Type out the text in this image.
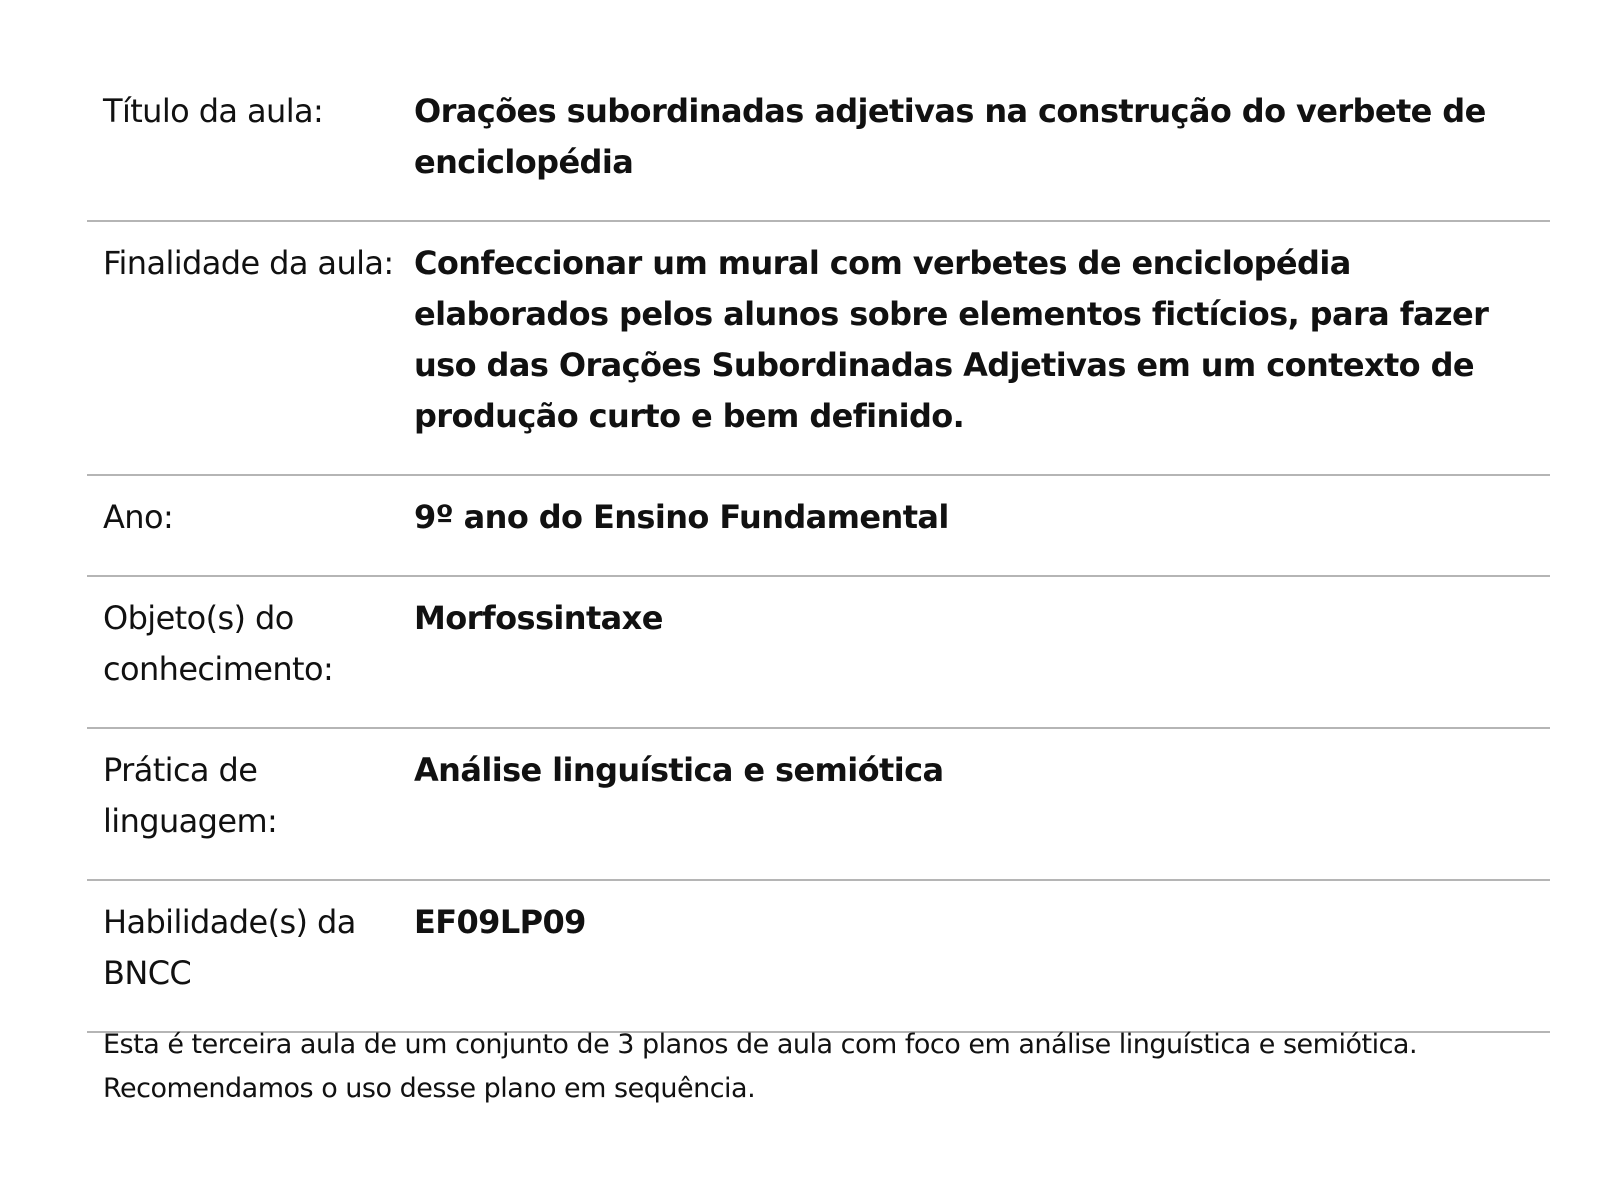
Título da aula:	Orações subordinadas adjetivas na construção do verbete de enciclopédia
Finalidade da aula: Confeccionar um mural com verbetes de enciclopédia elaborados pelos alunos sobre elementos fictícios, para fazer uso das Orações Subordinadas Adjetivas em um contexto de produção curto e bem definido.
Ano:	9º ano do Ensino Fundamental
Objeto(s) do conhecimento:
Morfossintaxe
Prática de linguagem:
Análise linguística e semiótica
Habilidade(s) da BNCC
EF09LP09
Esta é terceira aula de um conjunto de 3 planos de aula com foco em análise linguística e semiótica. Recomendamos o uso desse plano em sequência.
